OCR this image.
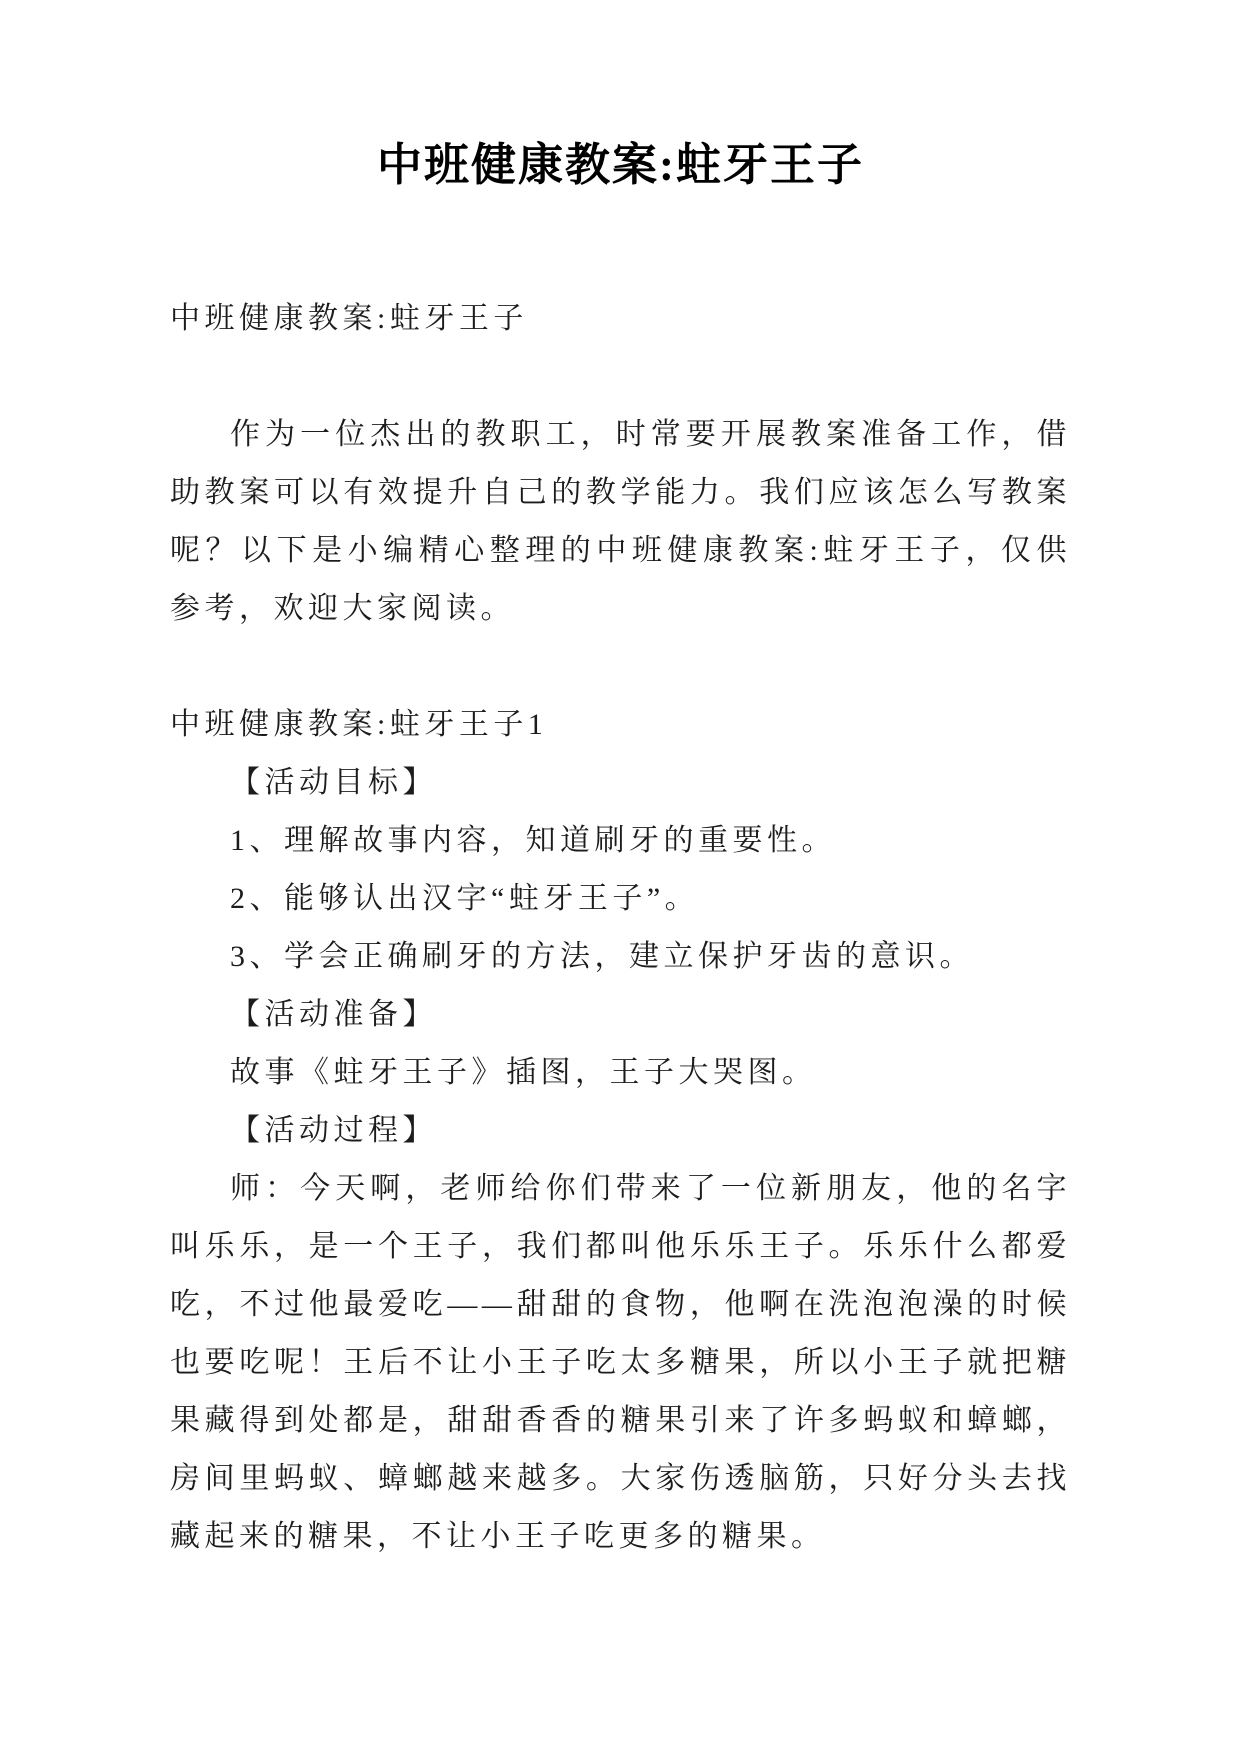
中班健康教案:蛀牙王子

中班健康教案:蛀牙王子

作为一位杰出的教职工，时常要开展教案准备工作，借助教案可以有效提升自己的教学能力。我们应该怎么写教案呢？以下是小编精心整理的中班健康教案:蛀牙王子，仅供参考，欢迎大家阅读。

中班健康教案:蛀牙王子1

【活动目标】

1、理解故事内容，知道刷牙的重要性。

2、能够认出汉字“蛀牙王子”。

3、学会正确刷牙的方法，建立保护牙齿的意识。

【活动准备】

故事《蛀牙王子》插图，王子大哭图。

【活动过程】

师：今天啊，老师给你们带来了一位新朋友，他的名字叫乐乐，是一个王子，我们都叫他乐乐王子。乐乐什么都爱吃，不过他最爱吃——甜甜的食物，他啊在洗泡泡澡的时候也要吃呢！王后不让小王子吃太多糖果，所以小王子就把糖果藏得到处都是，甜甜香香的糖果引来了许多蚂蚁和蟑螂，房间里蚂蚁、蟑螂越来越多。大家伤透脑筋，只好分头去找藏起来的糖果，不让小王子吃更多的糖果。
